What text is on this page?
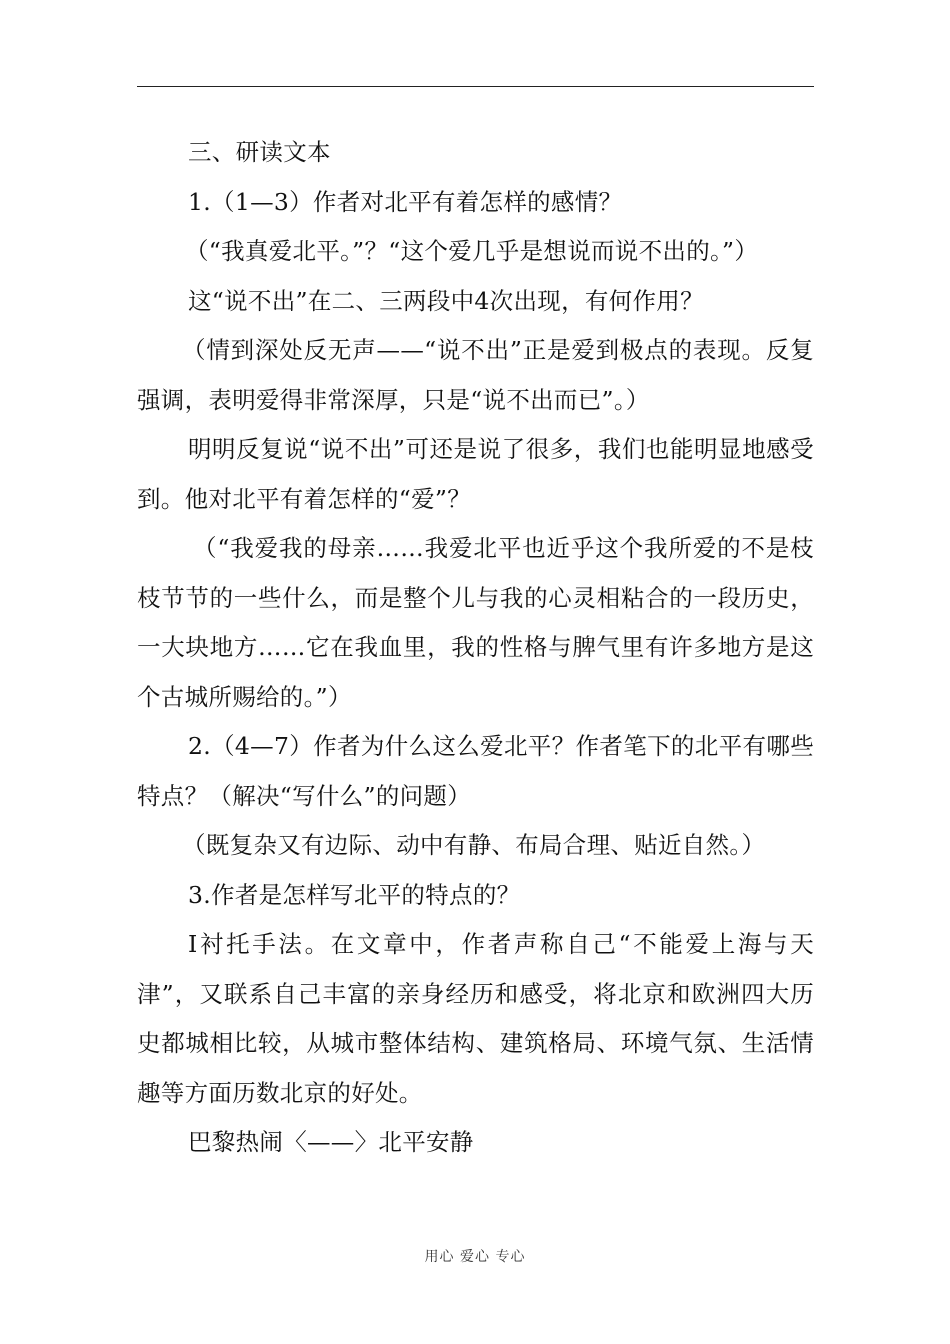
三、研读文本

1.（1—3）作者对北平有着怎样的感情？

（“我真爱北平。”？“这个爱几乎是想说而说不出的。”）

这“说不出”在二、三两段中4次出现，有何作用？

（情到深处反无声——“说不出”正是爱到极点的表现。反复强调，表明爱得非常深厚，只是“说不出而已”。）

明明反复说“说不出”可还是说了很多，我们也能明显地感受到。他对北平有着怎样的“爱”？

（“我爱我的母亲……我爱北平也近乎这个我所爱的不是枝枝节节的一些什么，而是整个儿与我的心灵相粘合的一段历史，一大块地方……它在我血里，我的性格与脾气里有许多地方是这个古城所赐给的。”）

2.（4—7）作者为什么这么爱北平？作者笔下的北平有哪些特点？（解决“写什么”的问题）

（既复杂又有边际、动中有静、布局合理、贴近自然。）

3.作者是怎样写北平的特点的？

Ⅰ衬托手法。在文章中，作者声称自己“不能爱上海与天津”，又联系自己丰富的亲身经历和感受，将北京和欧洲四大历史都城相比较，从城市整体结构、建筑格局、环境气氛、生活情趣等方面历数北京的好处。

巴黎热闹〈——〉北平安静

用心 爱心 专心
